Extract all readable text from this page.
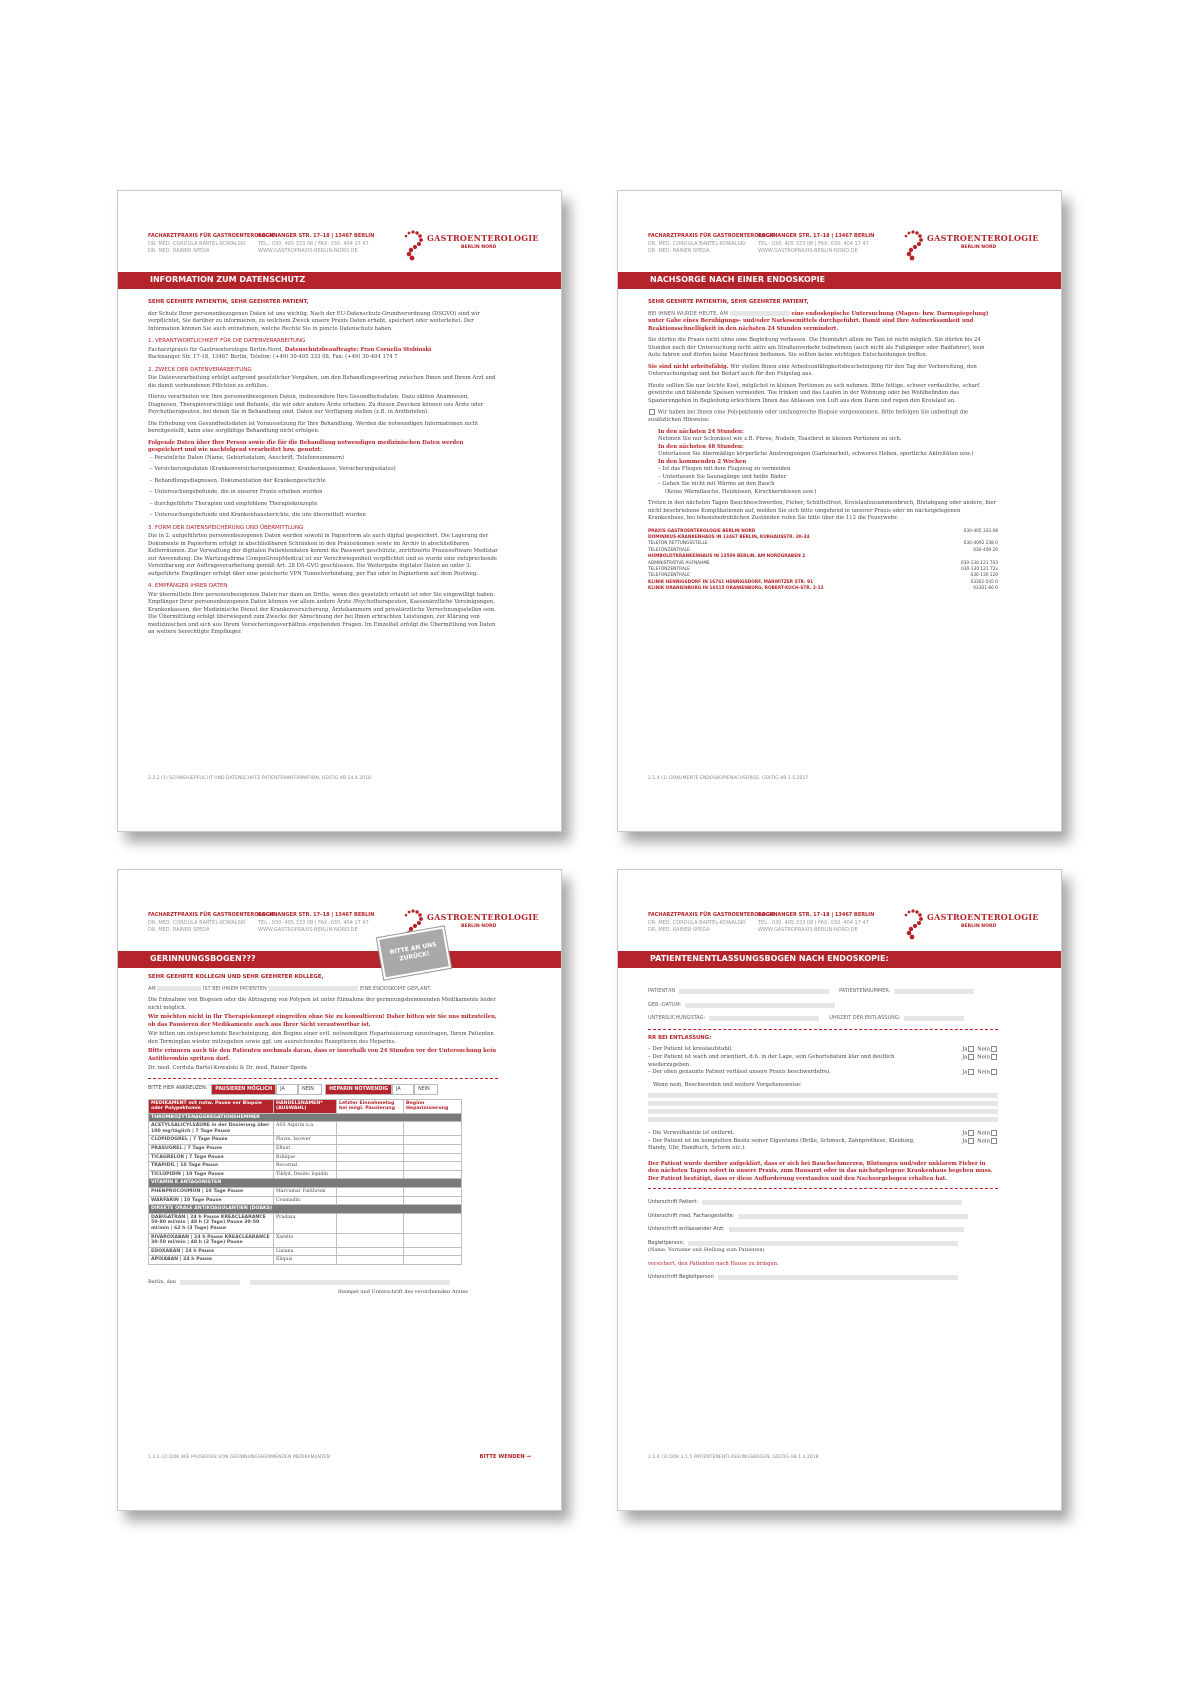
FACHARZTPRAXIS FÜR GASTROENTEROLOGIE
DR. MED. CORDULA BARTEL-KOWALSKI
DR. MED. RAINER SPEDA
BACKNANGER STR. 17–18 | 13467 BERLIN
TEL.: 030. 405 333 08 | FAX: 030. 404 17 47
WWW.GASTROPRAXIS-BERLIN-NORD.DE
GASTROENTEROLOGIE
BERLIN NORD
INFORMATION ZUM DATENSCHUTZ
SEHR GEEHRTE PATIENTIN, SEHR GEEHRTER PATIENT,

der Schutz Ihrer personenbezogenen Daten ist uns wichtig. Nach der EU-Datenschutz-Grundverordnung (DSGVO) sind wir verpflichtet, Sie darüber zu informieren, zu welchem Zweck unsere Praxis Daten erhebt, speichert oder weiterleitet. Der Information können Sie auch entnehmen, welche Rechte Sie in puncto Datenschutz haben.

1. VERANTWORTLICHKEIT FÜR DIE DATENVERARBEITUNG

Facharztpraxis für Gastroenterologie Berlin-Nord, Datenschutzbeauftragte: Frau Cornelia Stobinski
Backnanger Str. 17-18, 13467 Berlin, Telefon: (+49) 30-405 333 08, Fax: (+49) 30-404 174 7

2. ZWECK DER DATENVERARBEITUNG

Die Datenverarbeitung erfolgt aufgrund gesetzlicher Vorgaben, um den Behandlungsvertrag zwischen Ihnen und Ihrem Arzt und die damit verbundenen Pflichten zu erfüllen.

Hierzu verarbeiten wir Ihre personenbezogenen Daten, insbesondere Ihre Gesundheitsdaten. Dazu zählen Anamnesen, Diagnosen, Therapievorschläge und Befunde, die wir oder andere Ärzte erheben. Zu diesen Zwecken können uns Ärzte oder Psychotherapeuten, bei denen Sie in Behandlung sind, Daten zur Verfügung stellen (z.B. in Arztbriefen).

Die Erhebung von Gesundheitsdaten ist Voraussetzung für Ihre Behandlung. Werden die notwendigen Informationen nicht bereitgestellt, kann eine sorgfältige Behandlung nicht erfolgen.

Folgende Daten über Ihre Person sowie die für die Behandlung notwendigen medizinischen Daten werden gespeichert und wie nachfolgend verarbeitet bzw. genutzt:

– Persönliche Daten (Name, Geburtsdatum, Anschrift, Telefonnummern)

– Versicherungsdaten (Krankenversicherungsnummer, Krankenkasse, Versicherungsstatus)

– Behandlungsdiagnosen, Dokumentation der Krankengeschichte

– Untersuchungsbefunde, die in unserer Praxis erhoben wurden

– durchgeführte Therapien und empfohlene Therapiekonzepte

– Untersuchungsbefunde und Krankenhausberichte, die uns übermittelt wurden

3. FORM DER DATENSPEICHERUNG UND ÜBERMITTLUNG

Die in 2. aufgeführten personenbezogenen Daten werden sowohl in Papierform als auch digital gespeichert. Die Lagerung der Dokumente in Papierform erfolgt in abschließbaren Schränken in den Praxisräumen sowie im Archiv in abschließbaren Kellerräumen. Zur Verwaltung der digitalen Patientendaten kommt die Passwort geschützte, zertifizierte Praxissoftware Medistar zur Anwendung. Die Wartungsfirma CompuGroupMedical ist zur Verschwiegenheit verpflichtet und es wurde eine entsprechende Vereinbarung zur Auftragsverarbeitung gemäß Art. 28 DS-GVO geschlossen. Die Weitergabe digitaler Daten an unter 3. aufgeführte Empfänger erfolgt über eine gesicherte VPN Tunnelverbindung, per Fax oder in Papierform auf dem Postweg.

4. EMPFÄNGER IHRER DATEN

Wir übermitteln Ihre personenbezogenen Daten nur dann an Dritte, wenn dies gesetzlich erlaubt ist oder Sie eingewilligt haben. Empfänger Ihrer personenbezogenen Daten können vor allem andere Ärzte /Psychotherapeuten, Kassenärztliche Vereinigungen, Krankenkassen, der Medizinische Dienst der Krankenversicherung, Ärztekammern und privatärztliche Verrechnungsstellen sein. Die Übermittlung erfolgt überwiegend zum Zwecke der Abrechnung der bei Ihnen erbrachten Leistungen, zur Klärung von medizinischen und sich aus Ihrem Versicherungsverhältnis ergebenden Fragen. Im Einzelfall erfolgt die Übermittlung von Daten an weitere berechtigte Empfänger.

2.2.2 (1) SCHWEIGEPFLICHT UND DATENSCHUTZ PATIENTENINFORMATION, GÜLTIG AB 24.4.2018
FACHARZTPRAXIS FÜR GASTROENTEROLOGIE
DR. MED. CORDULA BARTEL-KOWALSKI
DR. MED. RAINER SPEDA
BACKNANGER STR. 17–18 | 13467 BERLIN
TEL.: 030. 405 333 08 | FAX: 030. 404 17 47
WWW.GASTROPRAXIS-BERLIN-NORD.DE
GASTROENTEROLOGIE
BERLIN NORD
NACHSORGE NACH EINER ENDOSKOPIE
SEHR GEEHRTE PATIENTIN, SEHR GEEHRTER PATIENT,

BEI IHNEN WURDE HEUTE, AM	eine endoskopische Untersuchung (Magen- bzw. Darmspiegelung) unter Gabe eines Beruhigungs- und/oder Narkosemittels durchgeführt. Damit sind Ihre Aufmerksamkeit und Reaktionsschnelligkeit in den nächsten 24 Stunden vermindert.

Sie dürfen die Praxis nicht ohne eine Begleitung verlassen. Die Heimfahrt allein im Taxi ist nicht möglich. Sie dürfen bis 24 Stunden nach der Untersuchung nicht aktiv am Straßenverkehr teilnehmen (auch nicht als Fußgänger oder Radfahrer), kein Auto fahren und dürfen keine Maschinen bedienen. Sie sollten keine wichtigen Entscheidungen treffen.

Sie sind nicht arbeitsfähig. Wir stellen Ihnen eine Arbeitsunfähigkeitsbescheinigung für den Tag der Vorbereitung, den Untersuchungstag und bei Bedarf auch für den Folgetag aus.

Heute sollten Sie nur leichte Kost, möglichst in kleinen Portionen zu sich nehmen. Bitte fettige, schwer verdauliche, scharf gewürzte und blähende Speisen vermeiden. Tee trinken und das Laufen in der Wohnung oder bei Wohlbefinden das Spazierengehen in Begleitung erleichtern Ihnen das Ablassen von Luft aus dem Darm und regen den Kreislauf an.

Wir haben bei Ihnen eine Polypektomie oder umfangreiche Biopsie vorgenommen. Bitte befolgen Sie unbedingt die zusätzlichen Hinweise:

In den nächsten 24 Stunden:
Nehmen Sie nur Schonkost wie z.B. Püree, Nudeln, Toastbrot in kleinen Portionen zu sich.
In den nächsten 48 Stunden:
Unterlassen Sie übermäßige körperliche Anstrengungen (Gartenarbeit, schweres Heben, sportliche Aktivitäten usw.)
In den kommenden 2 Wochen
– Ist das Fliegen mit dem Flugzeug zu vermeiden
– Unterlassen Sie Saunagänge und heiße Bäder
– Gehen Sie nicht mit Wärme an den Bauch
(Keine Wärmflasche, Heizkissen, Kirschkernkissen usw.)

Treten in den nächsten Tagen Bauchbeschwerden, Fieber, Schüttelfrost, Kreislaufzusammenbruch, Blutabgang oder andere, hier nicht beschriebene Komplikationen auf, melden Sie sich bitte umgehend in unserer Praxis oder im nächstgelegenen Krankenhaus, bei lebensbedrohlichen Zuständen rufen Sie bitte über die 112 die Feuerwehr.

PRAXIS GASTROENTEROLOGIE BERLIN NORD	030-405 333 08
DOMINIKUS-KRANKENHAUS IN 13467 BERLIN, KURHAUSSTR. 30-34
TELEFON RETTUNGSSTELLE	030-4092 238 0
TELEFONZENTRALE	030-409 20
HUMBOLDTKRANKENHAUS IN 13509 BERLIN, AM NORDGRABEN 2
ADMINISTRATIVE AUFNAHME	030-130 121 703
TELEFONZENTRALE	030-130 121 72x
TELEFONZENTRALE	030-130 120
KLINIK HENNIGSDORF IN 16761 HENNIGSDORF, MARWITZER STR. 91	03302-545 0
KLINIK ORANIENBURG IN 16515 ORANIENBURG, ROBERT-KOCH-STR. 2-12	03301-66 0
2.1.4 (1) DOKUMENTE ENDOSKOPIENACHSORGE, GÜLTIG AB 1.5.2017
FACHARZTPRAXIS FÜR GASTROENTEROLOGIE
DR. MED. CORDULA BARTEL-KOWALSKI
DR. MED. RAINER SPEDA
BACKNANGER STR. 17–18 | 13467 BERLIN
TEL.: 030. 405 333 08 | FAX: 030. 404 17 47
WWW.GASTROPRAXIS-BERLIN-NORD.DE
GASTROENTEROLOGIE
BERLIN NORD
GERINNUNGSBOGEN???
BITTE AN UNS ZURÜCK!
SEHR GEEHRTE KOLLEGIN UND SEHR GEEHRTER KOLLEGE,

AM	IST BEI IHREM PATIENTEN	EINE ENDOSKOPIE GEPLANT.

Die Entnahme von Biopsien oder die Abtragung von Polypen ist unter Einnahme der gerinnungshemmenden Medikamente leider nicht möglich.

Wir möchten nicht in Ihr Therapiekonzept eingreifen ohne Sie zu konsultieren! Daher bitten wir Sie uns mitzuteilen, ob das Pausieren der Medikamente auch aus Ihrer Sicht verantwortbar ist.

Wir bitten um entsprechende Bescheinigung, den Beginn einer evtl. notwendigen Heparinisierung einzutragen, Ihrem Patienten den Terminplan wieder mitzugeben sowie ggf. um ausreichendes Rezeptieren des Heparins.

Bitte erinnern auch Sie den Patienten nochmals daran, dass er innerhalb von 24 Stunden vor der Untersuchung kein Antithrombin spritzen darf.

Dr. med. Cordula Bartel-Kowalski & Dr. med. Rainer Speda

BITTE HIER ANKREUZEN:	PAUSIEREN MÖGLICH	JA	NEIN	HEPARIN NOTWENDIG	JA	NEIN
MEDIKAMENT mit notw. Pause vor Biopsie oder Polypektomie	HANDELSNAMEN* (AUSWAHL)	Letzter Einnahmetag bei mögl. Pausierung	Beginn Heparinisierung
THROMBOZYTENAGGREGATIONSHEMMER			
ACETYLSALICYLSÄURE in der Dosierung über 100 mg/täglich | 7 Tage Pause	ASS Aspirin u.a.		
CLOPIDOGREL | 7 Tage Pause	Plavix, Iscover		
PRASUGREL | 7 Tage Pause	Efient		
TICAGRELOR | 7 Tage Pause	Brilique		
TRAPIDIL | 10 Tage Pause	Rocornal		
TICLOPIDIN | 10 Tage Pause	Tiklyd, Desitic lopidin		
VITAMIN K ANTAGONISTEN			
PHENPROCOUMON | 10 Tage Pause	Marcumar Falithrom		
WARFARIN | 10 Tage Pause	Coumadin		
DIREKTE ORALE ANTIKOAGULANTIEN (DOAKS)			
DABIGATRAN | 24 h Pause KREACLEARANCE 50-80 ml/min | 48 h (2 Tage) Pause 30-50 ml/min | 62 h (3 Tage) Pause	Pradaxa		
RIVAROXABAN | 24 h Pause KREACLEARANCE 30-50 ml/min | 48 h (2 Tage) Pause	Xarelto		
EDOXABAN | 24 h Pause	Lixiana		
APIXABAN | 24 h Pause	Eliquis		
Berlin, den
Stempel und Unterschrift des verordnenden Arztes
1.3.2 (2) DOK WIE PAUSIEREN VON GERINNUNGSHEMMENDEN MEDIKAMENTEN	BITTE WENDEN →
FACHARZTPRAXIS FÜR GASTROENTEROLOGIE
DR. MED. CORDULA BARTEL-KOWALSKI
DR. MED. RAINER SPEDA
BACKNANGER STR. 17–18 | 13467 BERLIN
TEL.: 030. 405 333 08 | FAX: 030. 404 17 47
WWW.GASTROPRAXIS-BERLIN-NORD.DE
GASTROENTEROLOGIE
BERLIN NORD
PATIENTENENTLASSUNGSBOGEN NACH ENDOSKOPIE:
PATIENT/IN	PATIENTENNUMMER:
GEB.-DATUM:
UNTERSUCHUNGSTAG:	UHRZEIT DER ENTLASSUNG:
RR BEI ENTLASSUNG:
– Der Patient ist kreislaufstabil.	Ja Nein
– Der Patient ist wach und orientiert, d.h. in der Lage, sein Geburtsdatum klar und deutlich wiederzugeben.
Ja Nein
– Der oben genannte Patient verlässt unsere Praxis beschwerdefrei.	Ja Nein

Wenn nein, Beschwerden und weitere Vorgehensweise:

– Die Verweilkanüle ist entfernt.	Ja Nein
– Der Patient ist im kompletten Besitz seiner Eigentums (Brille, Schmuck, Zahnprothese, Kleidung, Handy, Uhr, Handtuch, Schirm etc.).
Ja Nein

Der Patient wurde darüber aufgeklärt, dass er sich bei Bauchschmerzen, Blutungen und/oder unklarem Fieber in den nächsten Tagen sofort in unsere Praxis, zum Hausarzt oder in das nächstgelegene Krankenhaus begeben muss. Der Patient bestätigt, dass er diese Aufforderung verstanden und den Nachsorgebogen erhalten hat.

Unterschrift Patient:
Unterschrift med. Fachangestellte:
Unterschrift entlassender Arzt:
Begleitperson:
(Name, Vorname und Stellung zum Patienten)
versichert, den Patienten nach Hause zu bringen.
Unterschrift Begleitperson
2.1.4 (3) DOK 1.1.5 PATIENTENENTLASSUNGSBOGEN, GÜLTIG AB 1.4.2018
